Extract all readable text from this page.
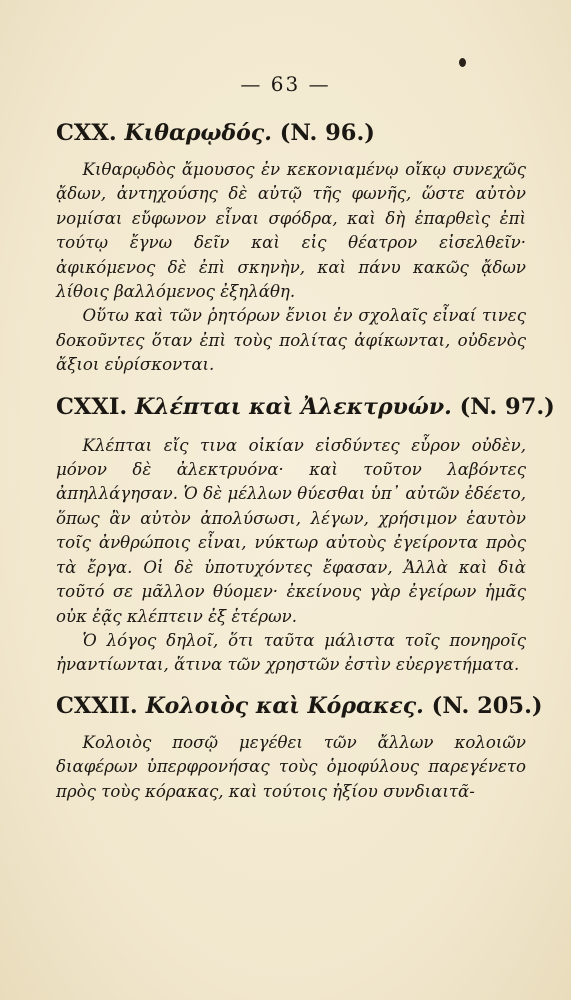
— 63 —
CXX. Κιθαρῳδός. (N. 96.)

Κιθαρῳδὸς ἄμουσος ἐν κεκονιαμένῳ οἴκῳ συνεχῶς ᾄδων, ἀντηχούσης δὲ αὐτῷ τῆς φωνῆς, ὥστε αὐτὸν νομίσαι εὔφωνον εἶναι σφόδρα, καὶ δὴ ἐπαρθεὶς ἐπὶ τούτῳ ἔγνω δεῖν καὶ εἰς θέατρον εἰσελθεῖν· ἀφικόμενος δὲ ἐπὶ σκηνὴν, καὶ πάνυ κακῶς ᾄδων λίθοις βαλλόμενος ἐξηλάθη.

Οὕτω καὶ τῶν ῥητόρων ἔνιοι ἐν σχολαῖς εἶναί τινες δοκοῦντες ὅταν ἐπὶ τοὺς πολίτας ἀφίκωνται, οὐδενὸς ἄξιοι εὑρίσκονται.

CXXI. Κλέπται καὶ Ἀλεκτρυών. (N. 97.)

Κλέπται εἴς τινα οἰκίαν εἰσδύντες εὗρον οὐδὲν, μόνον δὲ ἀλεκτρυόνα· καὶ τοῦτον λαβόντες ἀπηλλάγησαν. Ὁ δὲ μέλλων θύεσθαι ὑπ᾽ αὐτῶν ἐδέετο, ὅπως ἂν αὐτὸν ἀπολύσωσι, λέγων, χρήσιμον ἑαυτὸν τοῖς ἀνθρώποις εἶναι, νύκτωρ αὐτοὺς ἐγείροντα πρὸς τὰ ἔργα. Οἱ δὲ ὑποτυχόντες ἔφασαν, Ἀλλὰ καὶ διὰ τοῦτό σε μᾶλλον θύομεν· ἐκείνους γὰρ ἐγείρων ἡμᾶς οὐκ ἐᾷς κλέπτειν ἐξ ἑτέρων.

Ὁ λόγος δηλοῖ, ὅτι ταῦτα μάλιστα τοῖς πονηροῖς ἠναντίωνται, ἅτινα τῶν χρηστῶν ἐστὶν εὐεργετήματα.

CXXII. Κολοιὸς καὶ Κόρακες. (N. 205.)

Κολοιὸς ποσῷ μεγέθει τῶν ἄλλων κολοιῶν διαφέρων ὑπερφρονήσας τοὺς ὁμοφύλους παρεγένετο πρὸς τοὺς κόρακας, καὶ τούτοις ἠξίου συνδιαιτᾶ-
